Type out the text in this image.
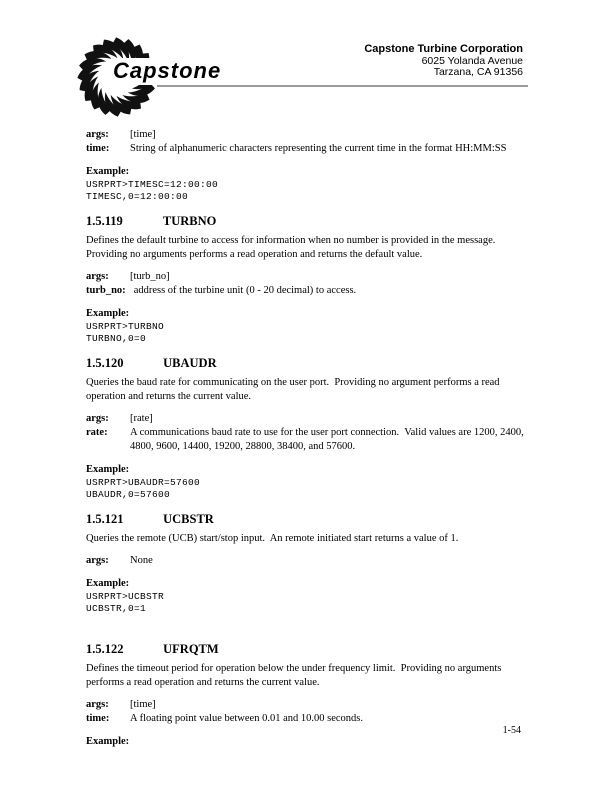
Capstone
Capstone Turbine Corporation
6025 Yolanda Avenue
Tarzana, CA 91356
args:	[time]
time:	String of alphanumeric characters representing the current time in the format HH:MM:SS
Example:
USRPRT>TIMESC=12:00:00
TIMESC,0=12:00:00
1.5.119	TURBNO
Defines the default turbine to access for information when no number is provided in the message.  Providing no arguments performs a read operation and returns the default value.
args:	[turb_no]
turb_no: address of the turbine unit (0 - 20 decimal) to access.
Example:
USRPRT>TURBNO
TURBNO,0=0
1.5.120	UBAUDR
Queries the baud rate for communicating on the user port.  Providing no argument performs a read operation and returns the current value.
args:	[rate]
rate:	A communications baud rate to use for the user port connection.  Valid values are 1200, 2400, 4800, 9600, 14400, 19200, 28800, 38400, and 57600.
Example:
USRPRT>UBAUDR=57600
UBAUDR,0=57600
1.5.121	UCBSTR
Queries the remote (UCB) start/stop input.  An remote initiated start returns a value of 1.
args:	None
Example:
USRPRT>UCBSTR
UCBSTR,0=1
1.5.122	UFRQTM
Defines the timeout period for operation below the under frequency limit.  Providing no arguments performs a read operation and returns the current value.
args:	[time]
time:	A floating point value between 0.01 and 10.00 seconds.
Example:
1-54
